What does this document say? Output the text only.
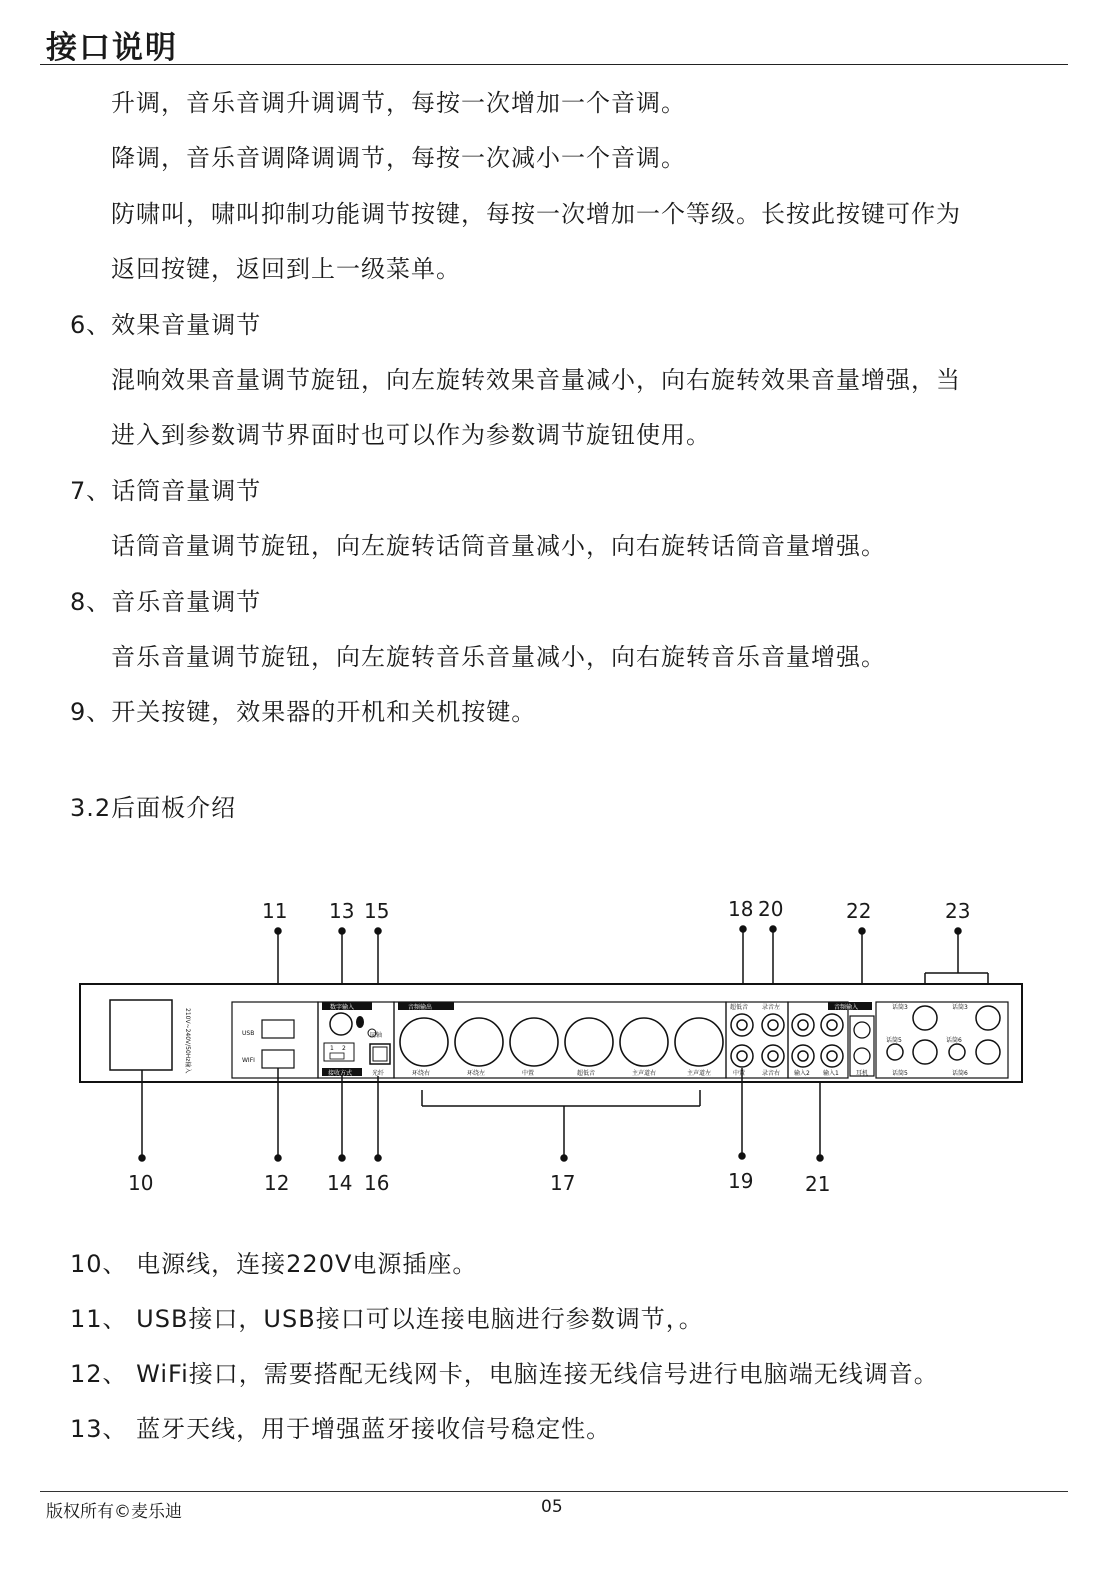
接口说明
升调，音乐音调升调调节，每按一次增加一个音调。
降调，音乐音调降调调节，每按一次减小一个音调。
防啸叫，啸叫抑制功能调节按键，每按一次增加一个等级。长按此按键可作为
返回按键，返回到上一级菜单。
6、效果音量调节
混响效果音量调节旋钮，向左旋转效果音量减小，向右旋转效果音量增强，当
进入到参数调节界面时也可以作为参数调节旋钮使用。
7、话筒音量调节
话筒音量调节旋钮，向左旋转话筒音量减小，向右旋转话筒音量增强。
8、音乐音量调节
音乐音量调节旋钮，向左旋转音乐音量减小，向右旋转音乐音量增强。
9、开关按键，效果器的开机和关机按键。
3.2后面板介绍
11 13 15	18 20	22	23
210V~240V/50Hz输入	USB
WIFI
数字输入
同轴
1 2
接收方式	光纤
音频输出
环绕右	环绕左	中置	超低音	主声道右	主声道左
超低音 录音左
中置	录音右
音频输入
输入2 输入1	耳机
话筒3	话筒3
话筒5	话筒6
话筒5	话筒6
10	12 14 16	17	19	21
10、 电源线，连接220V电源插座。
11、 USB接口，USB接口可以连接电脑进行参数调节，。
12、 WiFi接口，需要搭配无线网卡，电脑连接无线信号进行电脑端无线调音。
13、 蓝牙天线，用于增强蓝牙接收信号稳定性。
版权所有©麦乐迪	05
